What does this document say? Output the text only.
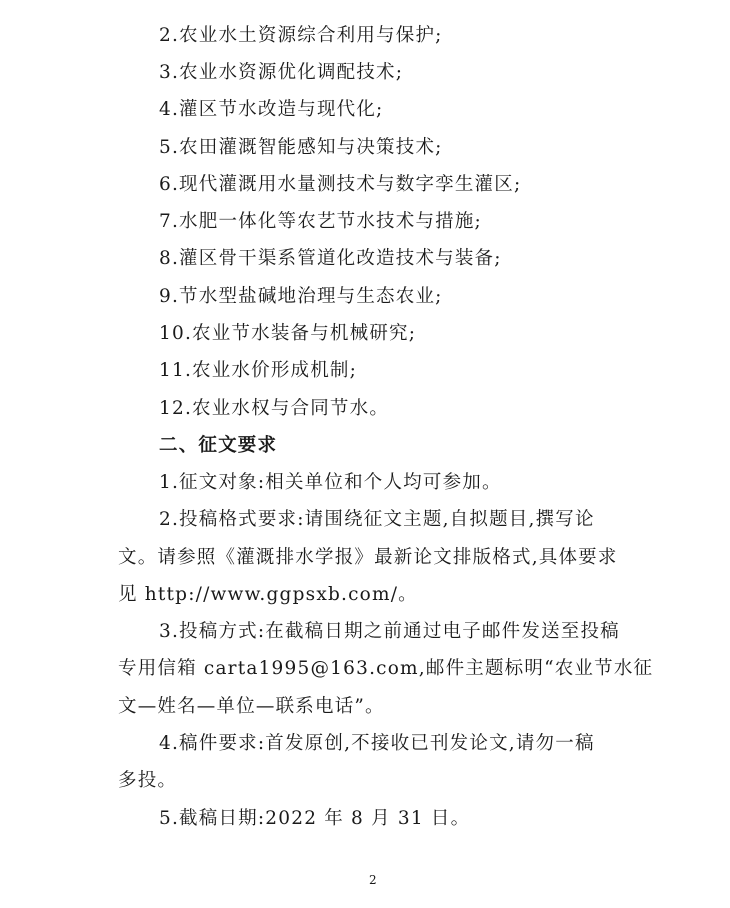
2.农业水土资源综合利用与保护;
3.农业水资源优化调配技术;
4.灌区节水改造与现代化;
5.农田灌溉智能感知与决策技术;
6.现代灌溉用水量测技术与数字孪生灌区;
7.水肥一体化等农艺节水技术与措施;
8.灌区骨干渠系管道化改造技术与装备;
9.节水型盐碱地治理与生态农业;
10.农业节水装备与机械研究;
11.农业水价形成机制;
12.农业水权与合同节水。
二、征文要求
1.征文对象:相关单位和个人均可参加。
2.投稿格式要求:请围绕征文主题,自拟题目,撰写论
文。请参照《灌溉排水学报》最新论文排版格式,具体要求
见 http://www.ggpsxb.com/。
3.投稿方式:在截稿日期之前通过电子邮件发送至投稿
专用信箱 carta1995@163.com,邮件主题标明“农业节水征
文—姓名—单位—联系电话”。
4.稿件要求:首发原创,不接收已刊发论文,请勿一稿
多投。
5.截稿日期:2022 年 8 月 31 日。
2
